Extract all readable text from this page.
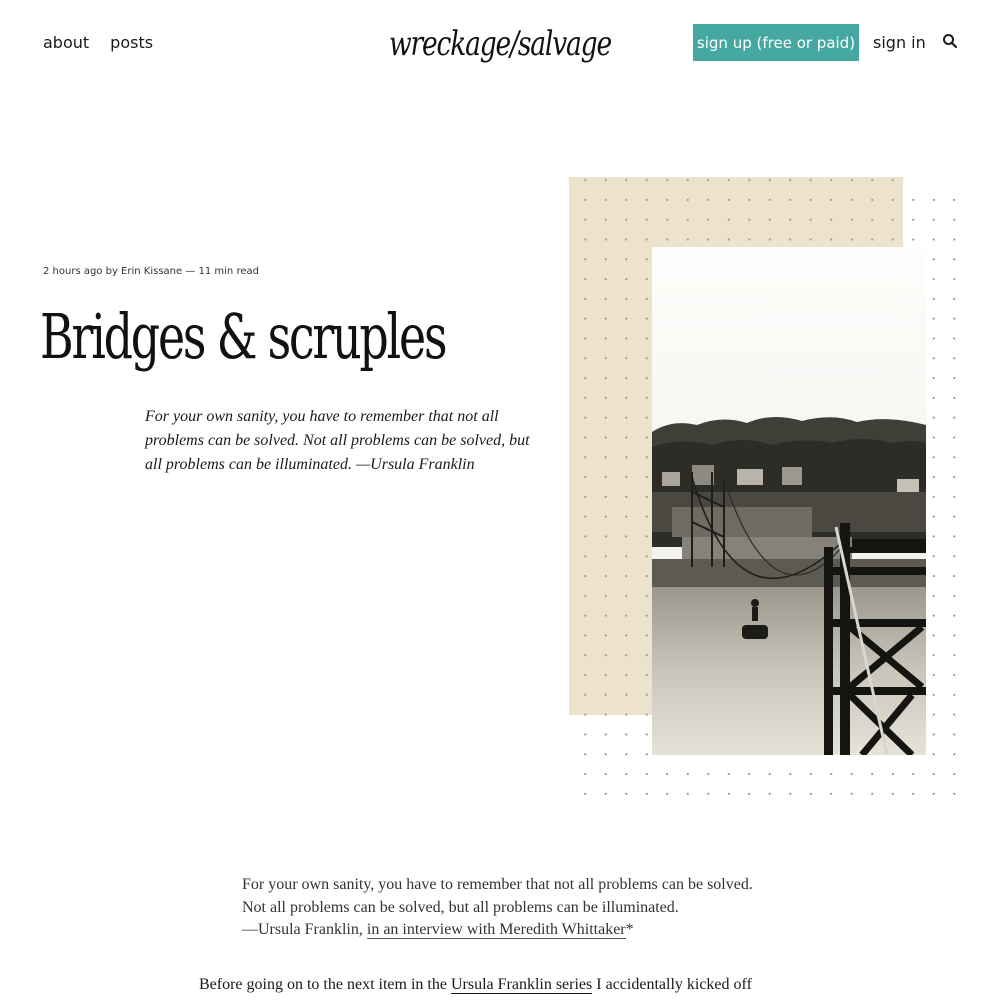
about posts	wreckage/salvage	sign up (free or paid) sign in
2 hours ago by Erin Kissane — 11 min read
Bridges & scruples

For your own sanity, you have to remember that not all problems can be solved. Not all problems can be solved, but all problems can be illuminated. —Ursula Franklin

For your own sanity, you have to remember that not all problems can be solved.
Not all problems can be solved, but all problems can be illuminated.
—Ursula Franklin, in an interview with Meredith Whittaker*

Before going on to the next item in the Ursula Franklin series I accidentally kicked off
